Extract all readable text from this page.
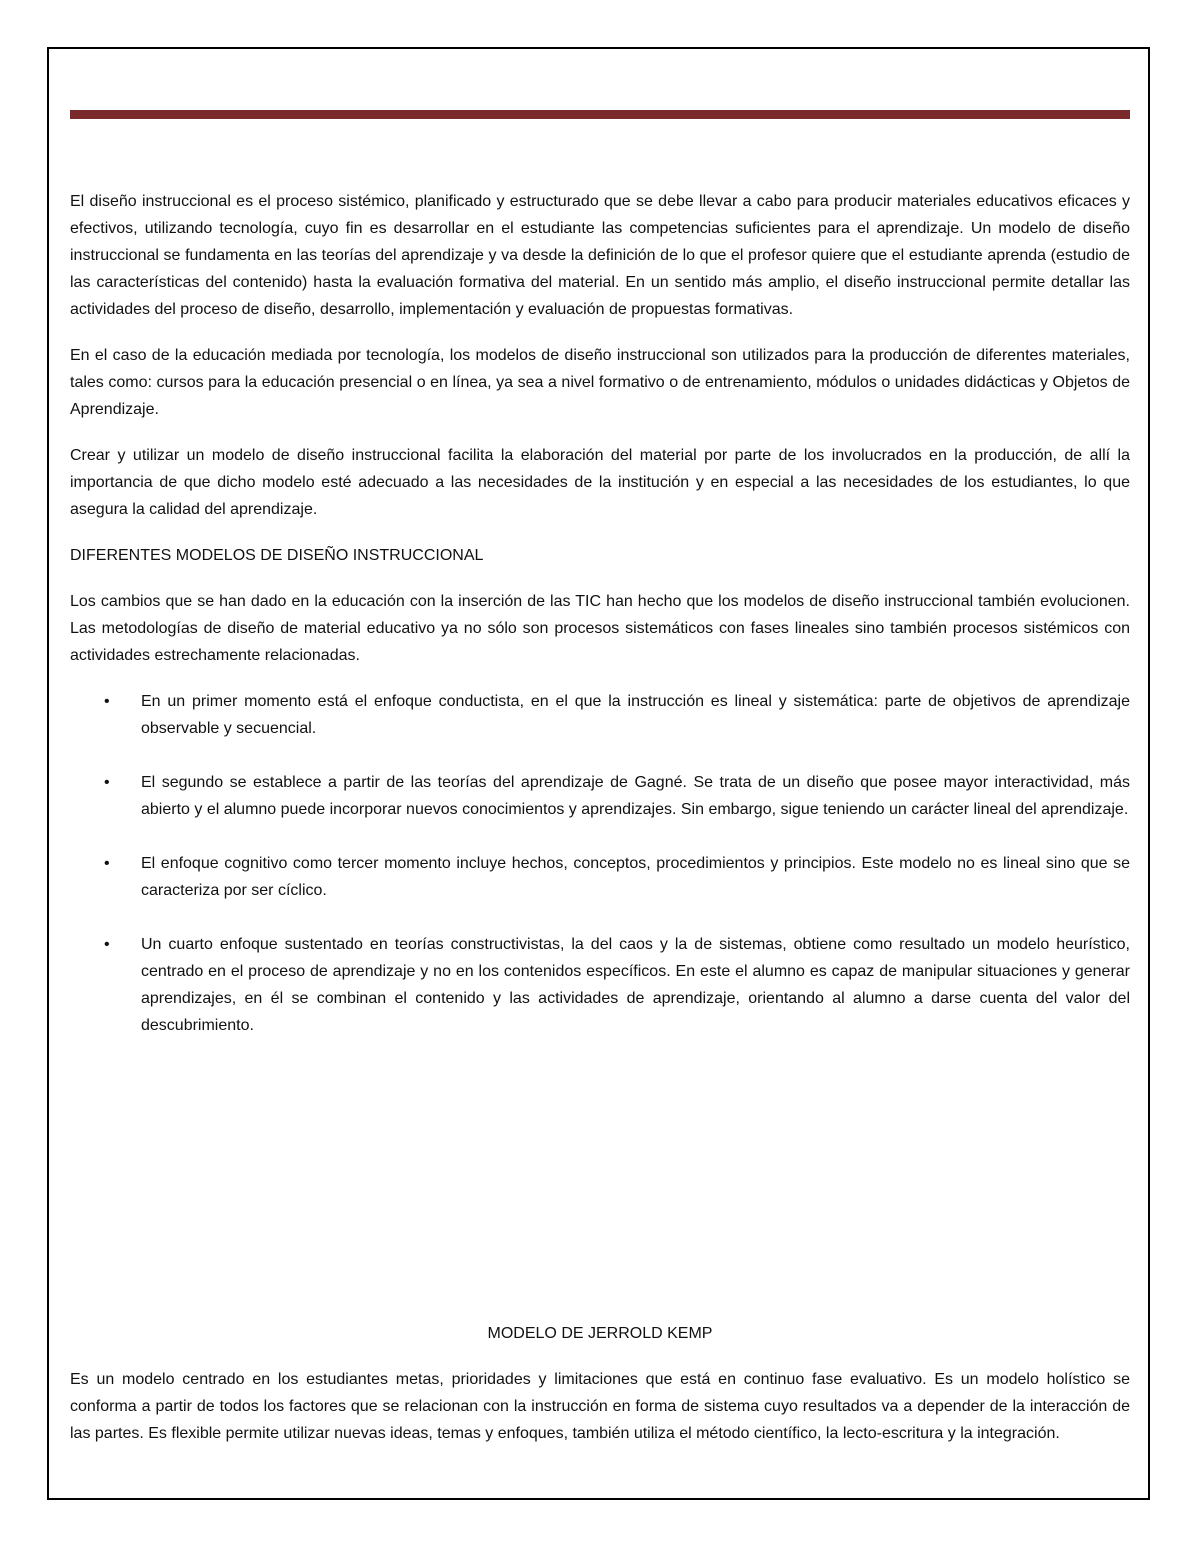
El diseño instruccional es el proceso sistémico, planificado y estructurado que se debe llevar a cabo para producir materiales educativos eficaces y efectivos, utilizando tecnología, cuyo fin es desarrollar en el estudiante las competencias suficientes para el aprendizaje. Un modelo de diseño instruccional se fundamenta en las teorías del aprendizaje y va desde la definición de lo que el profesor quiere que el estudiante aprenda (estudio de las características del contenido) hasta la evaluación formativa del material. En un sentido más amplio, el diseño instruccional permite detallar las actividades del proceso de diseño, desarrollo, implementación y evaluación de propuestas formativas.

En el caso de la educación mediada por tecnología, los modelos de diseño instruccional son utilizados para la producción de diferentes materiales, tales como: cursos para la educación presencial o en línea, ya sea a nivel formativo o de entrenamiento, módulos o unidades didácticas y Objetos de Aprendizaje.

Crear y utilizar un modelo de diseño instruccional facilita la elaboración del material por parte de los involucrados en la producción, de allí la importancia de que dicho modelo esté adecuado a las necesidades de la institución y en especial a las necesidades de los estudiantes, lo que asegura la calidad del aprendizaje.

DIFERENTES MODELOS DE DISEÑO INSTRUCCIONAL

Los cambios que se han dado en la educación con la inserción de las TIC han hecho que los modelos de diseño instruccional también evolucionen. Las metodologías de diseño de material educativo ya no sólo son procesos sistemáticos con fases lineales sino también procesos sistémicos con actividades estrechamente relacionadas.

• En un primer momento está el enfoque conductista, en el que la instrucción es lineal y sistemática: parte de objetivos de aprendizaje observable y secuencial.
• El segundo se establece a partir de las teorías del aprendizaje de Gagné. Se trata de un diseño que posee mayor interactividad, más abierto y el alumno puede incorporar nuevos conocimientos y aprendizajes. Sin embargo, sigue teniendo un carácter lineal del aprendizaje.
• El enfoque cognitivo como tercer momento incluye hechos, conceptos, procedimientos y principios. Este modelo no es lineal sino que se caracteriza por ser cíclico.
• Un cuarto enfoque sustentado en teorías constructivistas, la del caos y la de sistemas, obtiene como resultado un modelo heurístico, centrado en el proceso de aprendizaje y no en los contenidos específicos. En este el alumno es capaz de manipular situaciones y generar aprendizajes, en él se combinan el contenido y las actividades de aprendizaje, orientando al alumno a darse cuenta del valor del descubrimiento.

MODELO DE JERROLD KEMP

Es un modelo centrado en los estudiantes metas, prioridades y limitaciones que está en continuo fase evaluativo. Es un modelo holístico se conforma a partir de todos los factores que se relacionan con la instrucción en forma de sistema cuyo resultados va a depender de la interacción de las partes. Es flexible permite utilizar nuevas ideas, temas y enfoques, también utiliza el método científico, la lecto-escritura y la integración.
